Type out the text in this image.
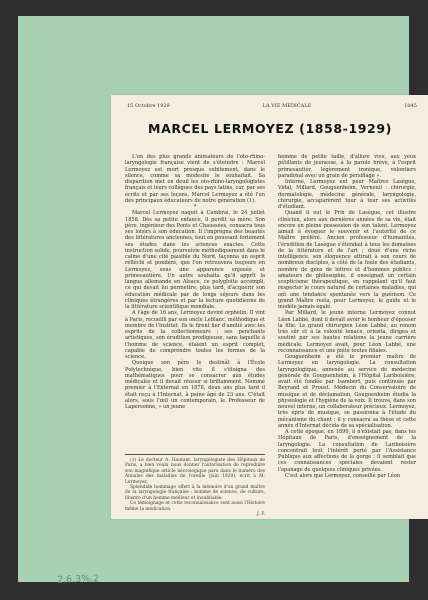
15 Octobre 1929	LA VIE MÉDICALE	1045
MARCEL LERMOYEZ (1858-1929)

L'un des plus grands animateurs de l'oto-rhino-laryngologie française vient de s'éteindre : Marcel Lermoyez est mort presque subitement, dans le silence, comme sa modestie le souhaitait. Sa disparition met en deuil les oto-rhino-laryngologistes français et leurs collègues des pays latins, car, par ses écrits et par ses leçons, Marcel Lermoyez a été l'un des principaux éducateurs de notre génération (1).

*

Marcel Lermoyez naquit à Cambrai, le 24 juillet 1858. Dès sa petite enfance, il perdit sa mère. Son père, ingénieur des Ponts et Chaussées, consacra tous ses loisirs à son éducation. Il l'imprégna des beautés des littératures anciennes, tout en poussant fortement ses études dans les sciences exactes. Cette instruction solide, poursuivie méthodiquement dans le calme d'une cité paisible du Nord, façonna un esprit réfléchi et pondéré, que l'on retrouvera toujours en Lermoyez, sous une apparence enjouée et primesautière. Un autre souhaita qu'il apprît la langue allemande en Alsace, ce polyglotte accompli, ce qui devait lui permettre, plus tard, d'acquérir son éducation médicale par de longs séjours dans les cliniques étrangères et par la lecture quotidienne de la littérature scientifique mondiale.

A l'âge de 16 ans, Lermoyez devint orphelin. Il vint à Paris, recueilli par son oncle Leblanc, méthodique et membre de l'Institut. Ils le firent lier d'amitié avec les esprits de la collectionneurs ; ses penchants artistiques, son érudition prodigieuse, sans laquelle à l'homme de science, étaient un esprit complet, capable de comprendre toutes les formes de la science.

Quoique son père le destinât à l'École Polytechnique, bien vite il s'éloigna des mathématiques pour se consacrer aux études médicales et il devait réussir si brillamment. Nommé premier à l'Externat en 1878, deux ans plus tard il était reçu à l'Internat, à peine âgé de 23 ans. C'était alors, sous l'œil un contemporain, le Professeur de Lapersonne, « un jeune

(1) Le docteur A. Hautant, laryngologiste des Hôpitaux de Paris, a bien voulu nous donner l'autorisation de reproduire son magnifique article nécrologique paru dans le numéro des Annales des maladies de l'oreille (juin 1929), écrit à M. Lermoyez.

Splendide hommage offert à la mémoire d'un grand maître de la laryngologie française : homme de science, de culture, illustre d'un homme meilleur et inoubliable.

Ce témoignage et cette reconnaissance sont aussi l'Histoire même la médication.

J. F.

homme de petite taille, d'allure vive, aux yeux pétillants de jeunesse, à la parole brève, à l'esprit primesautier, légèrement ironique, volontiers paradoxal avec un grain de persiflage ».

Interne, Lermoyez eut pour Maîtres Lasègue, Vidal, Millard, Gouguenheim, Verneuil : chirurgie, dermatologie, médecine générale, laryngologie, chirurgie, accaparèrent tour à tour ses activités d'étudiant.

Quand il eut le Prix de Lasègue, cet illustre clinicien, alors aux dernières années de sa vie, était encore en pleine possession de son talent. Lermoyez aimait à évoquer le souvenir et l'autorité de ce Maître préféré. Ancien professeur d'humanités, l'érudition de Lasègue s'étendait à tous les domaines de la littérature et de l'art ; doué d'une riche intelligence, son éloquence attirait à son cours de nombreux disciples, à côté de la foule des étudiants, nombre de gens de lettres et d'hommes publics : amateurs de philosophie, il enseignait un certain scepticisme thérapeutique, en rappelant qu'il faut respecter le cours naturel de certaines maladies, qui ont une tendance spontanée vers la guérison. Ce grand Maître resta, pour Lermoyez, le guide et le modèle jamais égalé.

Par Millard, le jeune interne Lermoyez connut Léon Labbé, dont il devait avoir le bonheur d'épouser la fille. Le grand chirurgien Léon Labbé, au renom très sûr et à la volonté tenace, orienta, dirigea et soutint par ses hautes relations la jeune carrière médicale. Lermoyez avait, pour Léon Labbé, une reconnaissance et une piété toutes filiales.

Gouguenheim a été le premier maître de Lermoyez en laryngologie. La consultation laryngologique, annexée au service de médecine générale de Gouguenheim, à l'Hôpital Lariboisière, avait été fondée par Isambert, puis continuée par Beyrand et Proust. Médecin du Conservatoire de musique et de déclamation, Gouguenheim étudia la physiologie et l'hygiène de la voix. Il trouva, dans son nouvel interne, un collaborateur précieux. Lermoyez, très épris de musique, se passionna à l'étude du mécanisme du chant ; il y consacra sa thèse et cette année d'Internat décida de sa spécialisation.

A cette époque, en 1890, il n'existait pas, dans les Hôpitaux de Paris, d'enseignement de la laryngologie. La consultation de Lariboisière concentrait tout l'intérêt porté par l'Assistance Publique aux affections de la gorge ; il semblait que ces connaissances spéciales devaient rester l'apanage de quelques cliniques privées.

C'est alors que Lermoyez, conseillé par Léon

2.6.3%.2
